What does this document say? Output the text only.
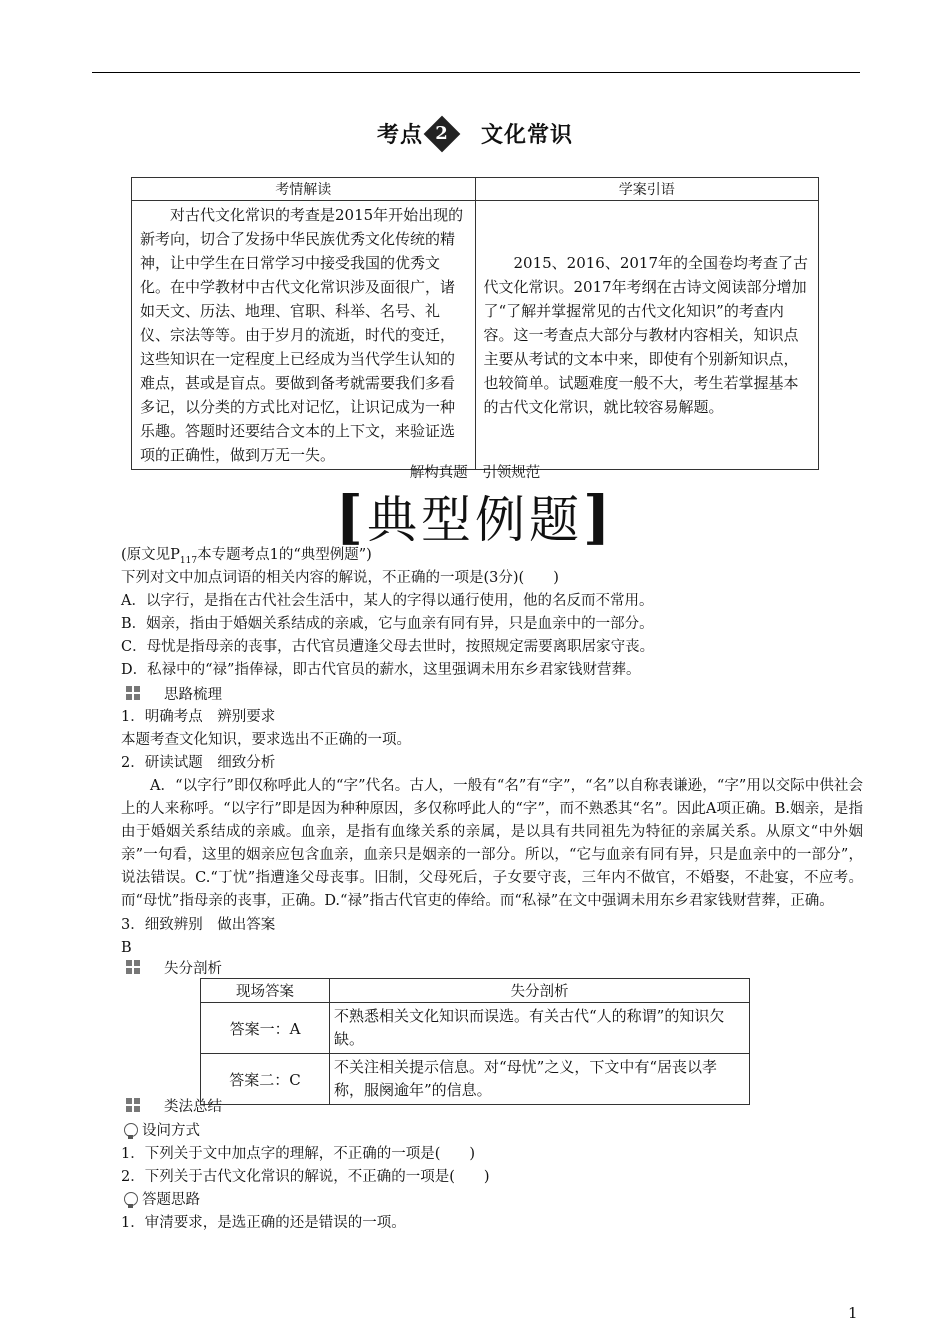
考点 2 文化常识
考情解读	学案引语

对古代文化常识的考查是2015年开始出现的新考向，切合了发扬中华民族优秀文化传统的精神，让中学生在日常学习中接受我国的优秀文化。在中学教材中古代文化常识涉及面很广，诸如天文、历法、地理、官职、科举、名号、礼仪、宗法等等。由于岁月的流逝，时代的变迁，这些知识在一定程度上已经成为当代学生认知的难点，甚或是盲点。要做到备考就需要我们多看多记，以分类的方式比对记忆，让识记成为一种乐趣。答题时还要结合文本的上下文，来验证选项的正确性，做到万无一失。	2015、2016、2017年的全国卷均考查了古代文化常识。2017年考纲在古诗文阅读部分增加了“了解并掌握常见的古代文化知识”的考查内容。这一考查点大部分与教材内容相关，知识点主要从考试的文本中来，即使有个别新知识点，也较简单。试题难度一般不大，考生若掌握基本的古代文化常识，就比较容易解题。

解构真题　引领规范
[典型例题]
(原文见$P_{117}$本专题考点1的“典型例题”)
下列对文中加点词语的相关内容的解说，不正确的一项是(3分)(　　)
A．以字行，是指在古代社会生活中，某人的字得以通行使用，他的名反而不常用。
B．姻亲，指由于婚姻关系结成的亲戚，它与血亲有同有异，只是血亲中的一部分。
C．母忧是指母亲的丧事，古代官员遭逢父母去世时，按照规定需要离职居家守丧。
D．私禄中的“禄”指俸禄，即古代官员的薪水，这里强调未用东乡君家钱财营葬。
思路梳理
1．明确考点　辨别要求
本题考查文化知识，要求选出不正确的一项。
2．研读试题　细致分析

A．“以字行”即仅称呼此人的“字”代名。古人，一般有“名”有“字”，“名”以自称表谦逊，“字”用以交际中供社会上的人来称呼。“以字行”即是因为种种原因，多仅称呼此人的“字”，而不熟悉其“名”。因此A项正确。B.姻亲，是指由于婚姻关系结成的亲戚。血亲，是指有血缘关系的亲属，是以具有共同祖先为特征的亲属关系。从原文“中外姻亲”一句看，这里的姻亲应包含血亲，血亲只是姻亲的一部分。所以，“它与血亲有同有异，只是血亲中的一部分”，说法错误。C.“丁忧”指遭逢父母丧事。旧制，父母死后，子女要守丧，三年内不做官，不婚娶，不赴宴，不应考。而“母忧”指母亲的丧事，正确。D.“禄”指古代官吏的俸给。而“私禄”在文中强调未用东乡君家钱财营葬，正确。

3．细致辨别　做出答案
B
失分剖析
现场答案	失分剖析
答案一：A	不熟悉相关文化知识而误选。有关古代“人的称谓”的知识欠缺。
答案二：C	不关注相关提示信息。对“母忧”之义，下文中有“居丧以孝称，服阕逾年”的信息。
类法总结
设问方式
1．下列关于文中加点字的理解，不正确的一项是(　　)
2．下列关于古代文化常识的解说，不正确的一项是(　　)
答题思路
1．审清要求，是选正确的还是错误的一项。
1
